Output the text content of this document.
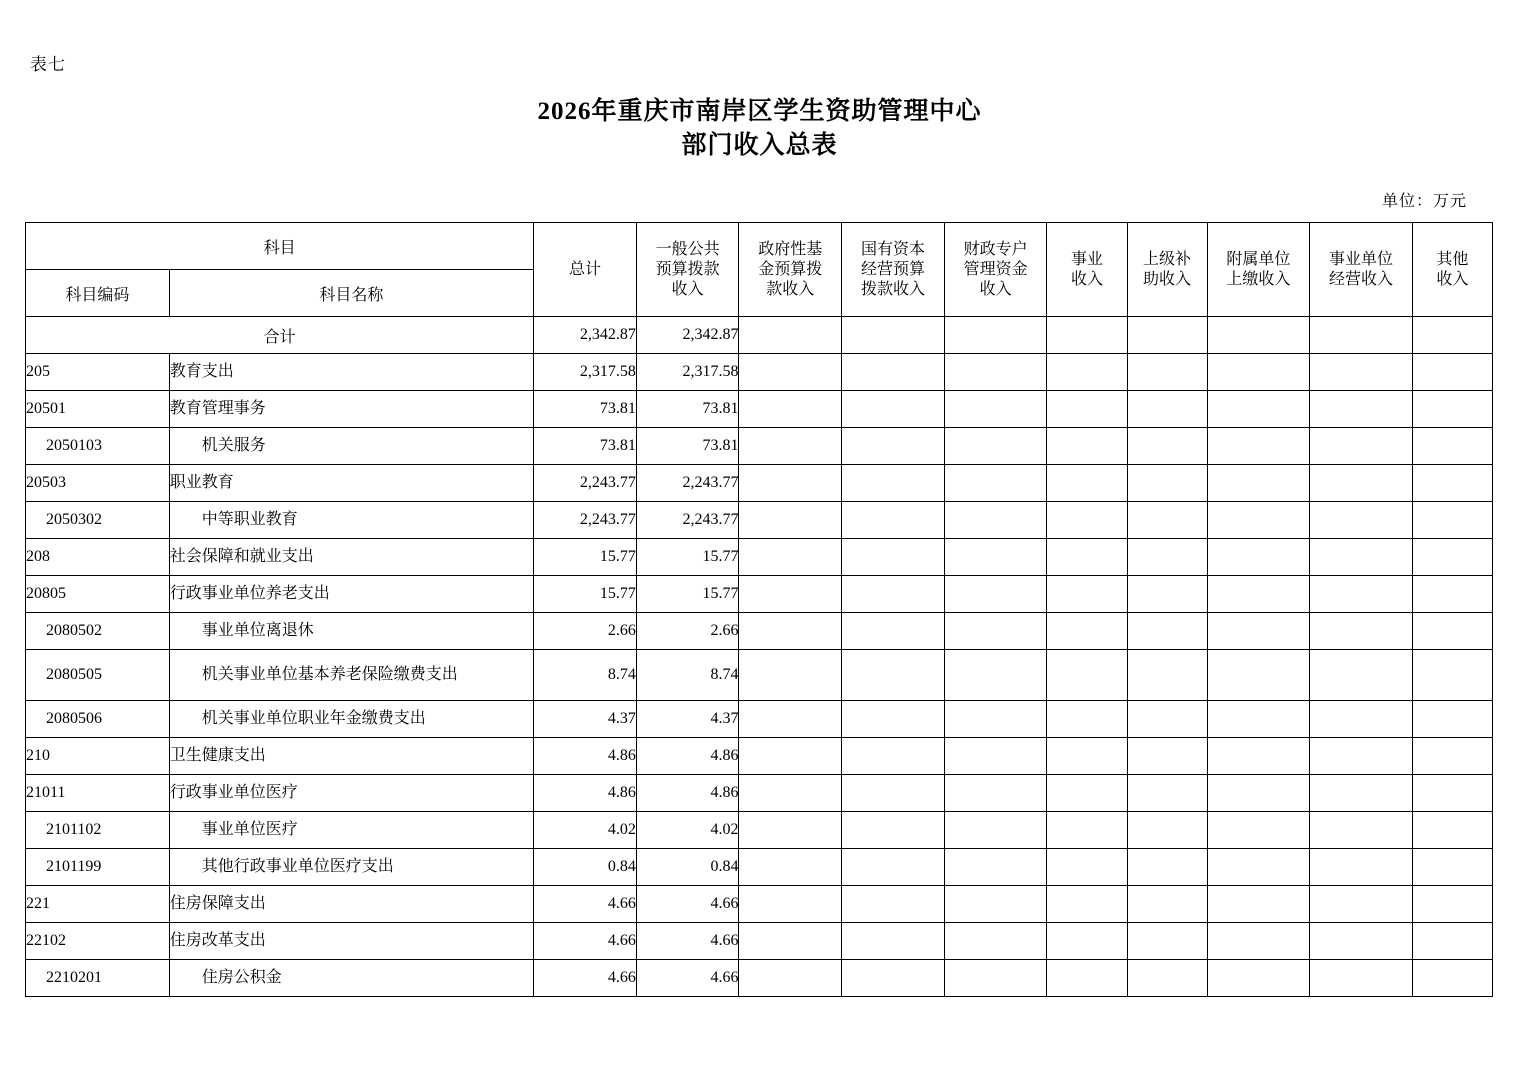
表七
2026年重庆市南岸区学生资助管理中心
部门收入总表
单位：万元
科目		总计	一般公共
预算拨款
收入	政府性基
金预算拨
款收入	国有资本
经营预算
拨款收入	财政专户
管理资金
收入	事业
收入	上级补
助收入	附属单位
上缴收入	事业单位
经营收入	其他
收入
科目编码	科目名称										
合计		2,342.87	2,342.87								
205	教育支出	2,317.58	2,317.58								
20501	教育管理事务	73.81	73.81								
2050103	机关服务	73.81	73.81								
20503	职业教育	2,243.77	2,243.77								
2050302	中等职业教育	2,243.77	2,243.77								
208	社会保障和就业支出	15.77	15.77								
20805	行政事业单位养老支出	15.77	15.77								
2080502	事业单位离退休	2.66	2.66								
2080505	机关事业单位基本养老保险缴费支出	8.74	8.74								
2080506	机关事业单位职业年金缴费支出	4.37	4.37								
210	卫生健康支出	4.86	4.86								
21011	行政事业单位医疗	4.86	4.86								
2101102	事业单位医疗	4.02	4.02								
2101199	其他行政事业单位医疗支出	0.84	0.84								
221	住房保障支出	4.66	4.66								
22102	住房改革支出	4.66	4.66								
2210201	住房公积金	4.66	4.66								
